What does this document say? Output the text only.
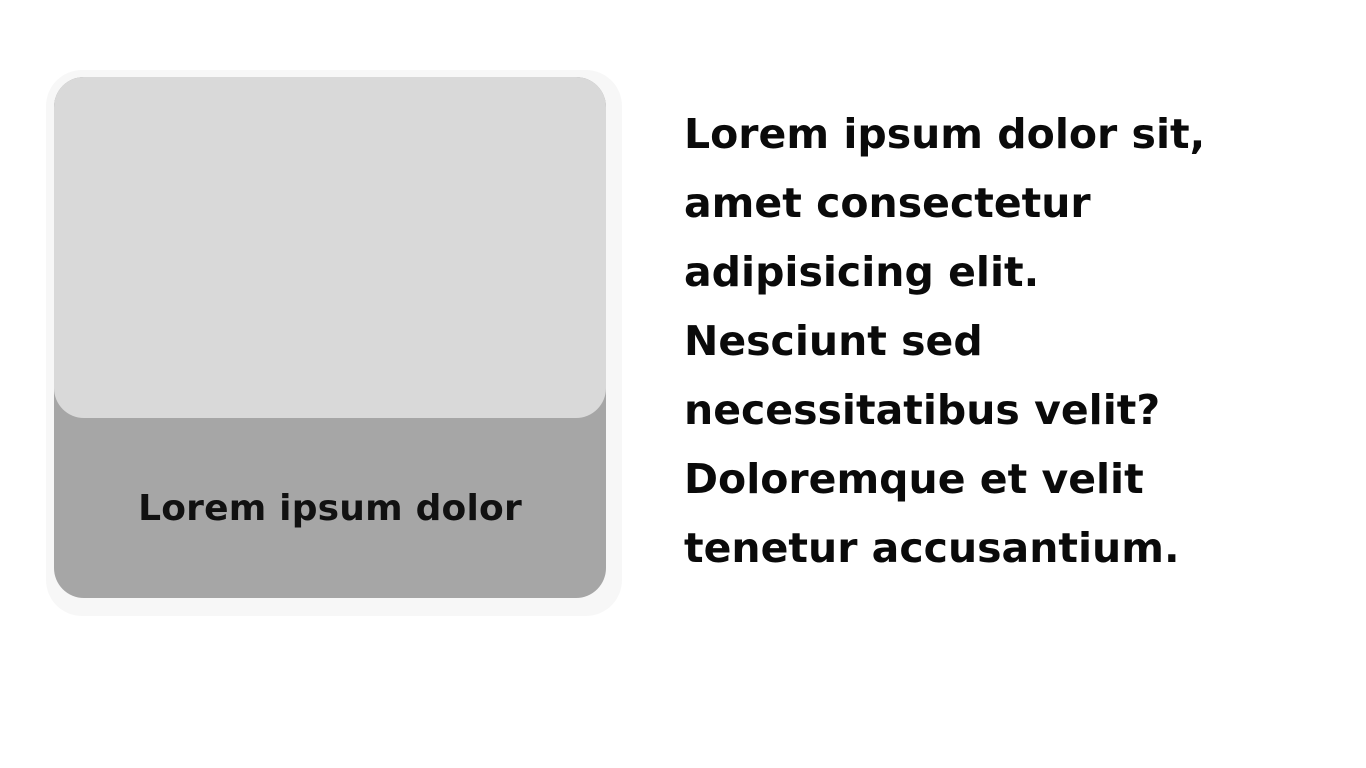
Lorem ipsum dolor

Lorem ipsum dolor sit,
amet consectetur
adipisicing elit.
Nesciunt sed
necessitatibus velit?
Doloremque et velit
tenetur accusantium.
